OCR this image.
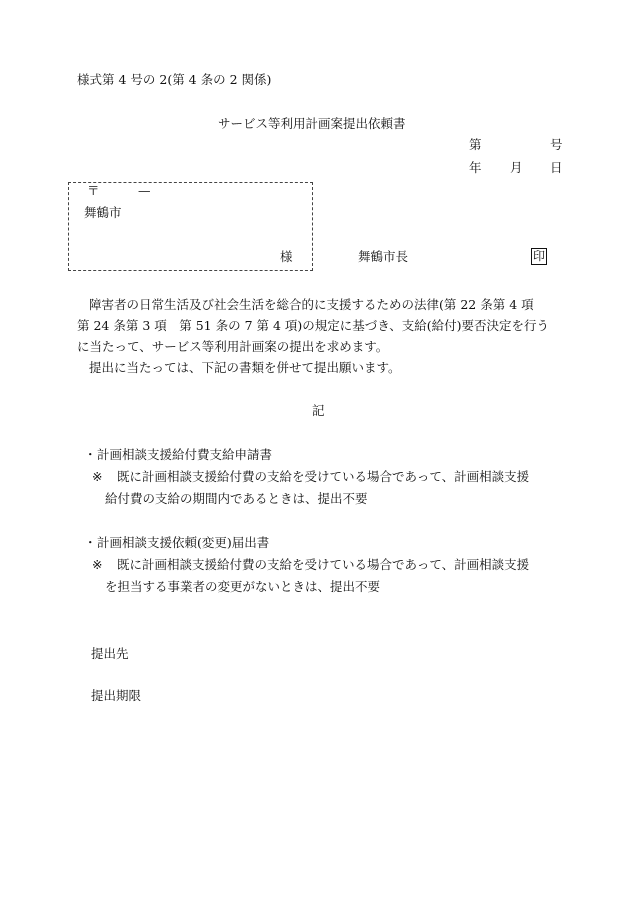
様式第 4 号の 2(第 4 条の 2 関係)
サービス等利用計画案提出依頼書
第	号
年 月 日
〒	—
舞鶴市
様	舞鶴市長	印
障害者の日常生活及び社会生活を総合的に支援するための法律(第 22 条第 4 項
第 24 条第 3 項　第 51 条の 7 第 4 項)の規定に基づき、支給(給付)要否決定を行う
に当たって、サービス等利用計画案の提出を求めます。
提出に当たっては、下記の書類を併せて提出願います。
記
・ 計画相談支援給付費支給申請書
※ 既に計画相談支援給付費の支給を受けている場合であって、計画相談支援
給付費の支給の期間内であるときは、提出不要
・ 計画相談支援依頼(変更)届出書
※ 既に計画相談支援給付費の支給を受けている場合であって、計画相談支援
を担当する事業者の変更がないときは、提出不要
提出先
提出期限
